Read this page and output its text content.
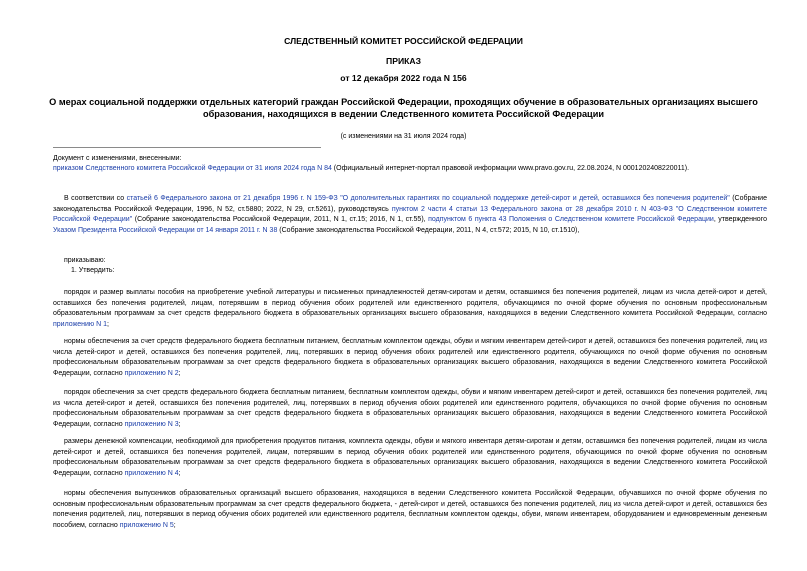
СЛЕДСТВЕННЫЙ КОМИТЕТ РОССИЙСКОЙ ФЕДЕРАЦИИ
ПРИКАЗ
от 12 декабря 2022 года N 156
О мерах социальной поддержки отдельных категорий граждан Российской Федерации, проходящих обучение в образовательных организациях высшего образования, находящихся в ведении Следственного комитета Российской Федерации
(с изменениями на 31 июля 2024 года)
Документ с изменениями, внесенными:
приказом Следственного комитета Российской Федерации от 31 июля 2024 года N 84 (Официальный интернет-портал правовой информации www.pravo.gov.ru, 22.08.2024, N 0001202408220011).
В соответствии со статьей 6 Федерального закона от 21 декабря 1996 г. N 159-ФЗ "О дополнительных гарантиях по социальной поддержке детей-сирот и детей, оставшихся без попечения родителей" (Собрание законодательства Российской Федерации, 1996, N 52, ст.5880; 2022, N 29, ст.5261), руководствуясь пунктом 2 части 4 статьи 13 Федерального закона от 28 декабря 2010 г. N 403-ФЗ "О Следственном комитете Российской Федерации" (Собрание законодательства Российской Федерации, 2011, N 1, ст.15; 2016, N 1, ст.55), подпунктом 6 пункта 43 Положения о Следственном комитете Российской Федерации, утвержденного Указом Президента Российской Федерации от 14 января 2011 г. N 38 (Собрание законодательства Российской Федерации, 2011, N 4, ст.572; 2015, N 10, ст.1510),
приказываю:
1. Утвердить:
порядок и размер выплаты пособия на приобретение учебной литературы и письменных принадлежностей детям-сиротам и детям, оставшимся без попечения родителей, лицам из числа детей-сирот и детей, оставшихся без попечения родителей, лицам, потерявшим в период обучения обоих родителей или единственного родителя, обучающимся по очной форме обучения по основным профессиональным образовательным программам за счет средств федерального бюджета в образовательных организациях высшего образования, находящихся в ведении Следственного комитета Российской Федерации, согласно приложению N 1;
нормы обеспечения за счет средств федерального бюджета бесплатным питанием, бесплатным комплектом одежды, обуви и мягким инвентарем детей-сирот и детей, оставшихся без попечения родителей, лиц из числа детей-сирот и детей, оставшихся без попечения родителей, лиц, потерявших в период обучения обоих родителей или единственного родителя, обучающихся по очной форме обучения по основным профессиональным образовательным программам за счет средств федерального бюджета в образовательных организациях высшего образования, находящихся в ведении Следственного комитета Российской Федерации, согласно приложению N 2;
порядок обеспечения за счет средств федерального бюджета бесплатным питанием, бесплатным комплектом одежды, обуви и мягким инвентарем детей-сирот и детей, оставшихся без попечения родителей, лиц из числа детей-сирот и детей, оставшихся без попечения родителей, лиц, потерявших в период обучения обоих родителей или единственного родителя, обучающихся по очной форме обучения по основным профессиональным образовательным программам за счет средств федерального бюджета в образовательных организациях высшего образования, находящихся в ведении Следственного комитета Российской Федерации, согласно приложению N 3;
размеры денежной компенсации, необходимой для приобретения продуктов питания, комплекта одежды, обуви и мягкого инвентаря детям-сиротам и детям, оставшимся без попечения родителей, лицам из числа детей-сирот и детей, оставшихся без попечения родителей, лицам, потерявшим в период обучения обоих родителей или единственного родителя, обучающимся по очной форме обучения по основным профессиональным образовательным программам за счет средств федерального бюджета в образовательных организациях высшего образования, находящихся в ведении Следственного комитета Российской Федерации, согласно приложению N 4;
нормы обеспечения выпускников образовательных организаций высшего образования, находящихся в ведении Следственного комитета Российской Федерации, обучавшихся по очной форме обучения по основным профессиональным образовательным программам за счет средств федерального бюджета, - детей-сирот и детей, оставшихся без попечения родителей, лиц из числа детей-сирот и детей, оставшихся без попечения родителей, лиц, потерявших в период обучения обоих родителей или единственного родителя, бесплатным комплектом одежды, обуви, мягким инвентарем, оборудованием и единовременным денежным пособием, согласно приложению N 5;
